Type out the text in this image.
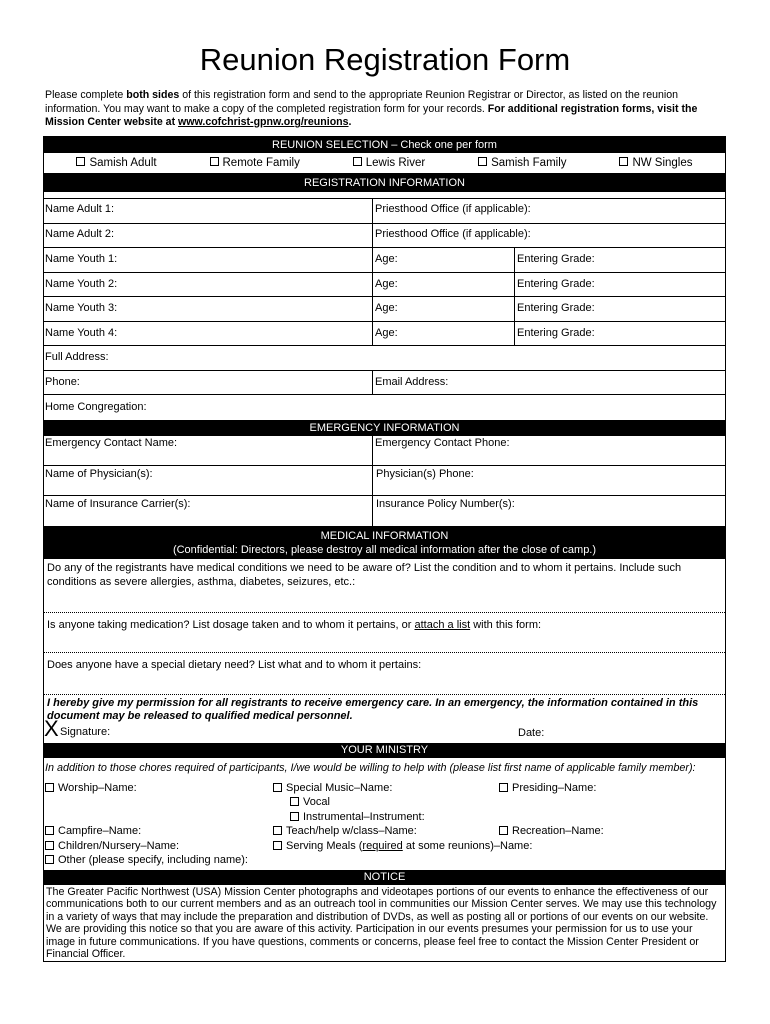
Reunion Registration Form
Please complete both sides of this registration form and send to the appropriate Reunion Registrar or Director, as listed on the reunion information. You may want to make a copy of the completed registration form for your records. For additional registration forms, visit the Mission Center website at www.cofchrist-gpnw.org/reunions.
REUNION SELECTION – Check one per form
Samish Adult	Remote Family	Lewis River	Samish Family	NW Singles
REGISTRATION INFORMATION
Name Adult 1:	Priesthood Office (if applicable):
Name Adult 2:	Priesthood Office (if applicable):
Name Youth 1:	Age:	Entering Grade:
Name Youth 2:	Age:	Entering Grade:
Name Youth 3:	Age:	Entering Grade:
Name Youth 4:	Age:	Entering Grade:
Full Address:
Phone:	Email Address:
Home Congregation:
EMERGENCY INFORMATION
Emergency Contact Name:	Emergency Contact Phone:
Name of Physician(s):	Physician(s) Phone:
Name of Insurance Carrier(s):	Insurance Policy Number(s):
MEDICAL INFORMATION
(Confidential: Directors, please destroy all medical information after the close of camp.)
Do any of the registrants have medical conditions we need to be aware of? List the condition and to whom it pertains. Include such conditions as severe allergies, asthma, diabetes, seizures, etc.:
Is anyone taking medication? List dosage taken and to whom it pertains, or attach a list with this form:
Does anyone have a special dietary need? List what and to whom it pertains:
I hereby give my permission for all registrants to receive emergency care. In an emergency, the information contained in this document may be released to qualified medical personnel.
X Signature:	Date:
YOUR MINISTRY
In addition to those chores required of participants, I/we would be willing to help with (please list first name of applicable family member):
Worship–Name:	Special Music–Name:	Presiding–Name:
Vocal
Instrumental–Instrument:
Campfire–Name:	Teach/help w/class–Name:	Recreation–Name:
Children/Nursery–Name:	Serving Meals (required at some reunions)–Name:
Other (please specify, including name):
NOTICE
The Greater Pacific Northwest (USA) Mission Center photographs and videotapes portions of our events to enhance the effectiveness of our communications both to our current members and as an outreach tool in communities our Mission Center serves. We may use this technology in a variety of ways that may include the preparation and distribution of DVDs, as well as posting all or portions of our events on our website. We are providing this notice so that you are aware of this activity. Participation in our events presumes your permission for us to use your image in future communications. If you have questions, comments or concerns, please feel free to contact the Mission Center President or Financial Officer.
